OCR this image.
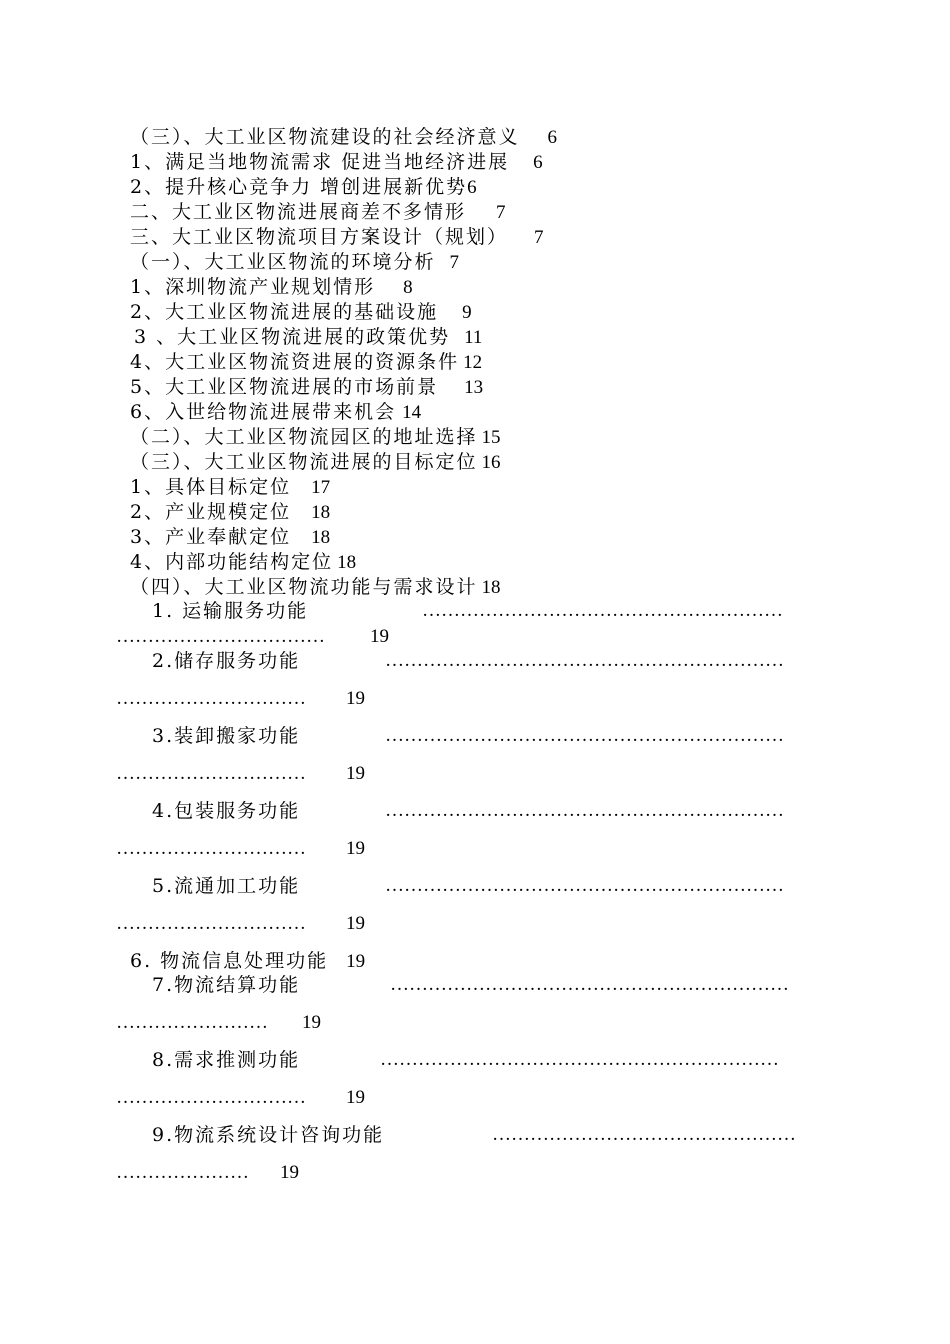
（三）、大工业区物流建设的社会经济意义 6
1、满足当地物流需求 促进当地经济进展 6
2、提升核心竞争力 增创进展新优势6
二、大工业区物流进展商差不多情形 7
三、大工业区物流项目方案设计（规划） 7
（一）、大工业区物流的环境分析 7
1、深圳物流产业规划情形 8
2、大工业区物流进展的基础设施 9
3 、大工业区物流进展的政策优势 11
4、大工业区物流资进展的资源条件 12
5、大工业区物流进展的市场前景 13
6、入世给物流进展带来机会 14
（二）、大工业区物流园区的地址选择 15
（三）、大工业区物流进展的目标定位 16
1、具体目标定位 17
2、产业规模定位 18
3、产业奉献定位 18
4、内部功能结构定位 18
（四）、大工业区物流功能与需求设计 18
1. 运输服务功能	…………………………………………………
……………………………	19
2.储存服务功能	………………………………………………………
…………………………	19
3.装卸搬家功能	………………………………………………………
…………………………	19
4.包装服务功能	………………………………………………………
…………………………	19
5.流通加工功能	………………………………………………………
…………………………	19
6. 物流信息处理功能 19
7.物流结算功能	………………………………………………………
……………………	19
8.需求推测功能	………………………………………………………
…………………………	19
9.物流系统设计咨询功能	…………………………………………
…………………	19
